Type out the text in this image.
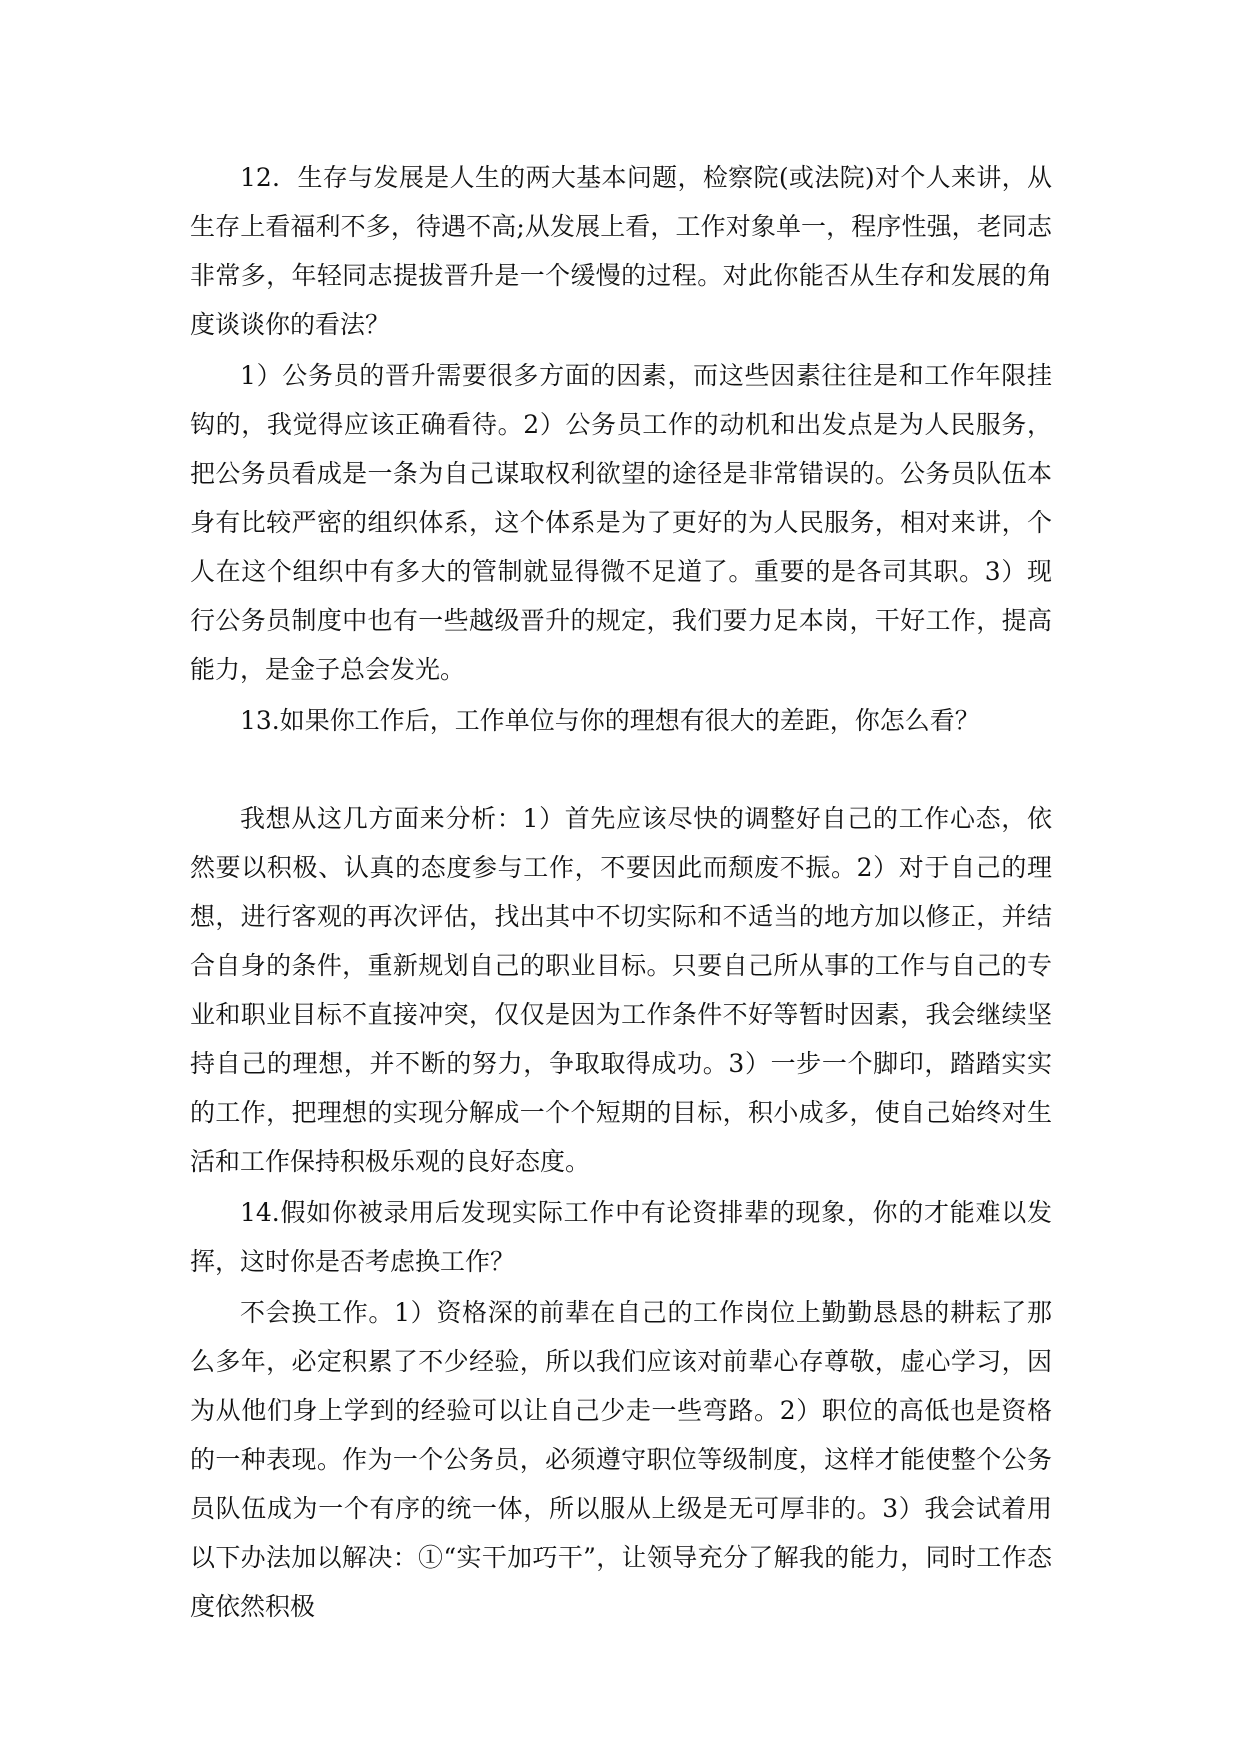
12．生存与发展是人生的两大基本问题，检察院(或法院)对个人来讲，从生存上看福利不多，待遇不高;从发展上看，工作对象单一，程序性强，老同志非常多，年轻同志提拔晋升是一个缓慢的过程。对此你能否从生存和发展的角度谈谈你的看法？

1）公务员的晋升需要很多方面的因素，而这些因素往往是和工作年限挂钩的，我觉得应该正确看待。2）公务员工作的动机和出发点是为人民服务，把公务员看成是一条为自己谋取权利欲望的途径是非常错误的。公务员队伍本身有比较严密的组织体系，这个体系是为了更好的为人民服务，相对来讲，个人在这个组织中有多大的管制就显得微不足道了。重要的是各司其职。3）现行公务员制度中也有一些越级晋升的规定，我们要力足本岗，干好工作，提高能力，是金子总会发光。

13.如果你工作后，工作单位与你的理想有很大的差距，你怎么看？

我想从这几方面来分析：1）首先应该尽快的调整好自己的工作心态，依然要以积极、认真的态度参与工作，不要因此而颓废不振。2）对于自己的理想，进行客观的再次评估，找出其中不切实际和不适当的地方加以修正，并结合自身的条件，重新规划自己的职业目标。只要自己所从事的工作与自己的专业和职业目标不直接冲突，仅仅是因为工作条件不好等暂时因素，我会继续坚持自己的理想，并不断的努力，争取取得成功。3）一步一个脚印，踏踏实实的工作，把理想的实现分解成一个个短期的目标，积小成多，使自己始终对生活和工作保持积极乐观的良好态度。

14.假如你被录用后发现实际工作中有论资排辈的现象，你的才能难以发挥，这时你是否考虑换工作？

不会换工作。1）资格深的前辈在自己的工作岗位上勤勤恳恳的耕耘了那么多年，必定积累了不少经验，所以我们应该对前辈心存尊敬，虚心学习，因为从他们身上学到的经验可以让自己少走一些弯路。2）职位的高低也是资格的一种表现。作为一个公务员，必须遵守职位等级制度，这样才能使整个公务员队伍成为一个有序的统一体，所以服从上级是无可厚非的。3）我会试着用以下办法加以解决：①“实干加巧干”，让领导充分了解我的能力，同时工作态度依然积极
